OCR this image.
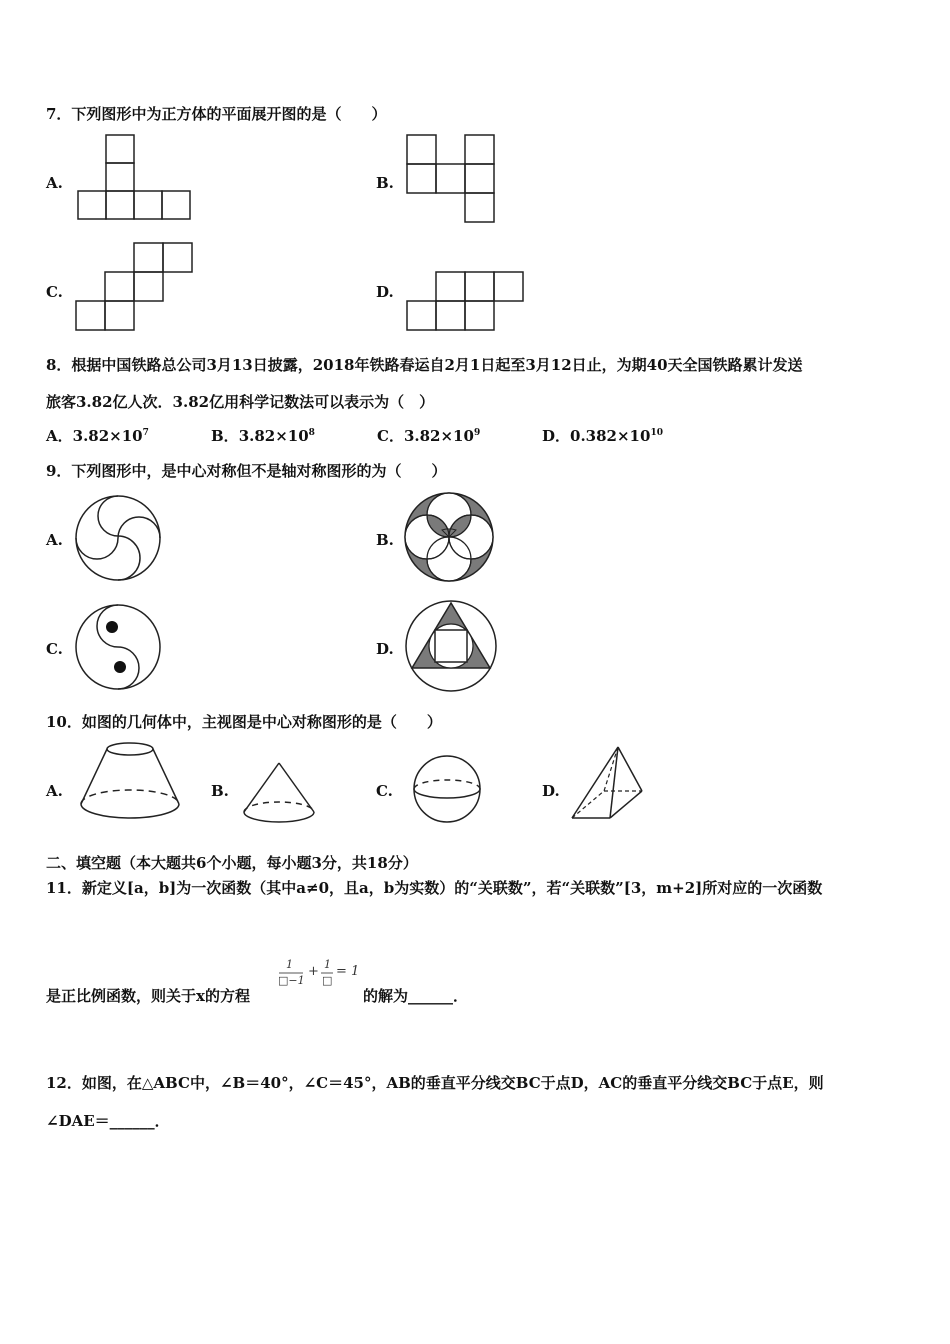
7．下列图形中为正方体的平面展开图的是（　　）
A.	B.
C.	D.
8．根据中国铁路总公司3月13日披露，2018年铁路春运自2月1日起至3月12日止，为期40天全国铁路累计发送
旅客3.82亿人次．3.82亿用科学记数法可以表示为（　）
A．$3.82\times 10^7$	B．$3.82\times 10^8$	C．$3.82\times 10^9$	D．$0.382\times 10^{10}$
9．下列图形中，是中心对称但不是轴对称图形的为（　　）
A.	B.
C.	D.
10．如图的几何体中，主视图是中心对称图形的是（　　）
A.	B.	C.	D.
二、填空题（本大题共6个小题，每小题3分，共18分）
11．新定义[a，b]为一次函数（其中a≠0，且a，b为实数）的“关联数”，若“关联数”[3，m+2]所对应的一次函数
是正比例函数，则关于x的方程
1
□−1
+ 1
□
= 1
的解为______．
12．如图，在△ABC中，∠B＝40°，∠C＝45°，AB的垂直平分线交BC于点D，AC的垂直平分线交BC于点E，则
∠DAE＝______．
